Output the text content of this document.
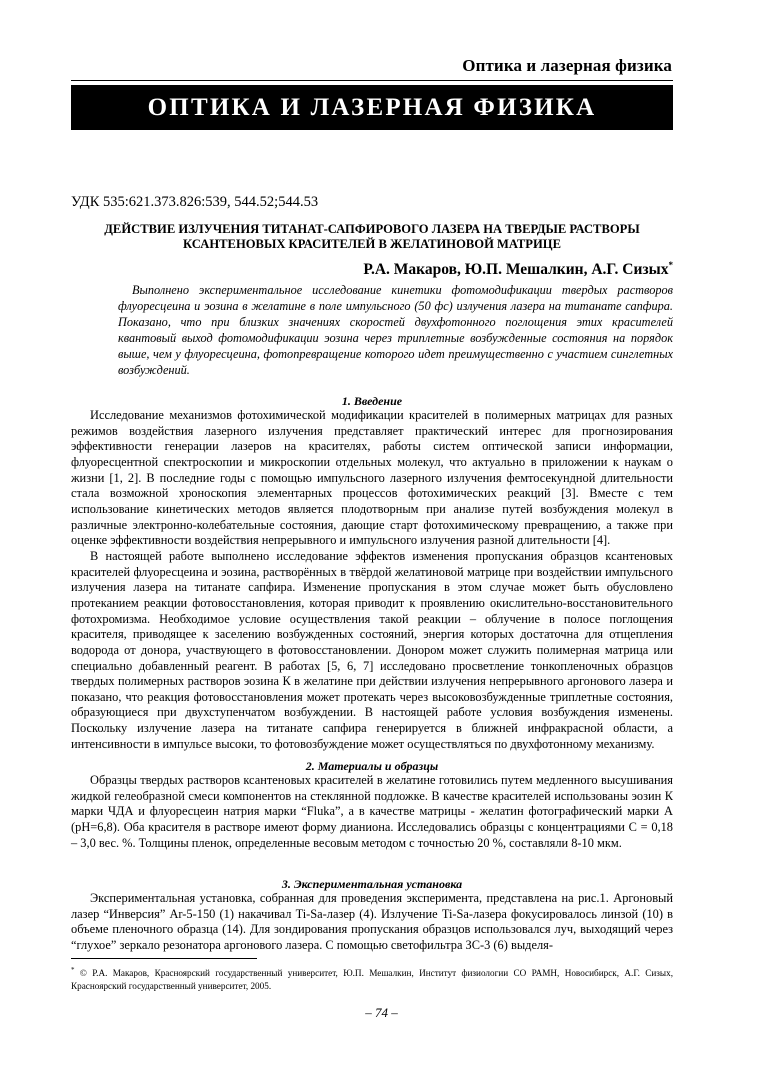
Оптика и лазерная физика
ОПТИКА И ЛАЗЕРНАЯ ФИЗИКА
УДК 535:621.373.826:539, 544.52;544.53
ДЕЙСТВИЕ ИЗЛУЧЕНИЯ ТИТАНАТ-САПФИРОВОГО ЛАЗЕРА НА ТВЕРДЫЕ РАСТВОРЫ КСАНТЕНОВЫХ КРАСИТЕЛЕЙ В ЖЕЛАТИНОВОЙ МАТРИЦЕ
Р.А. Макаров, Ю.П. Мешалкин, А.Г. Сизых*
Выполнено экспериментальное исследование кинетики фотомодификации твердых растворов флуоресцеина и эозина в желатине в поле импульсного (50 фс) излучения лазера на титанате сапфира. Показано, что при близких значениях скоростей двухфотонного поглощения этих красителей квантовый выход фотомодификации эозина через триплетные возбужденные состояния на порядок выше, чем у флуоресцеина, фотопревращение которого идет преимущественно с участием синглетных возбуждений.
1. Введение

Исследование механизмов фотохимической модификации красителей в полимерных матрицах для разных режимов воздействия лазерного излучения представляет практический интерес для прогнозирования эффективности генерации лазеров на красителях, работы систем оптической записи информации, флуоресцентной спектроскопии и микроскопии отдельных молекул, что актуально в приложении к наукам о жизни [1, 2]. В последние годы с помощью импульсного лазерного излучения фемтосекундной длительности стала возможной хроноскопия элементарных процессов фотохимических реакций [3]. Вместе с тем использование кинетических методов является плодотворным при анализе путей возбуждения молекул в различные электронно-колебательные состояния, дающие старт фотохимическому превращению, а также при оценке эффективности воздействия непрерывного и импульсного излучения разной длительности [4].

В настоящей работе выполнено исследование эффектов изменения пропускания образцов ксантеновых красителей флуоресцеина и эозина, растворённых в твёрдой желатиновой матрице при воздействии импульсного излучения лазера на титанате сапфира. Изменение пропускания в этом случае может быть обусловлено протеканием реакции фотовосстановления, которая приводит к проявлению окислительно-восстановительного фотохромизма. Необходимое условие осуществления такой реакции – облучение в полосе поглощения красителя, приводящее к заселению возбужденных состояний, энергия которых достаточна для отщепления водорода от донора, участвующего в фотовосстановлении. Донором может служить полимерная матрица или специально добавленный реагент. В работах [5, 6, 7] исследовано просветление тонкопленочных образцов твердых полимерных растворов эозина К в желатине при действии излучения непрерывного аргонового лазера и показано, что реакция фотовосстановления может протекать через высоковозбужденные триплетные состояния, образующиеся при двухступенчатом возбуждении. В настоящей работе условия возбуждения изменены. Поскольку излучение лазера на титанате сапфира генерируется в ближней инфракрасной области, а интенсивности в импульсе высоки, то фотовозбуждение может осуществляться по двухфотонному механизму.

2. Материалы и образцы

Образцы твердых растворов ксантеновых красителей в желатине готовились путем медленного высушивания жидкой гелеобразной смеси компонентов на стеклянной подложке. В качестве красителей использованы эозин К марки ЧДА и флуоресцеин натрия марки “Fluka”, а в качестве матрицы - желатин фотографический марки А (pH=6,8). Оба красителя в растворе имеют форму дианиона. Исследовались образцы с концентрациями С = 0,18 – 3,0 вес. %. Толщины пленок, определенные весовым методом с точностью 20 %, составляли 8-10 мкм.

3. Экспериментальная установка

Экспериментальная установка, собранная для проведения эксперимента, представлена на рис.1. Аргоновый лазер “Инверсия” Ar-5-150 (1) накачивал Ti-Sa-лазер (4). Излучение Ti-Sa-лазера фокусировалось линзой (10) в объеме пленочного образца (14). Для зондирования пропускания образцов использовался луч, выходящий через “глухое” зеркало резонатора аргонового лазера. С помощью светофильтра ЗС-3 (6) выделя-

* © Р.А. Макаров, Красноярский государственный университет, Ю.П. Мешалкин, Институт физиологии СО РАМН, Новосибирск, А.Г. Сизых, Красноярский государственный университет, 2005.
– 74 –
